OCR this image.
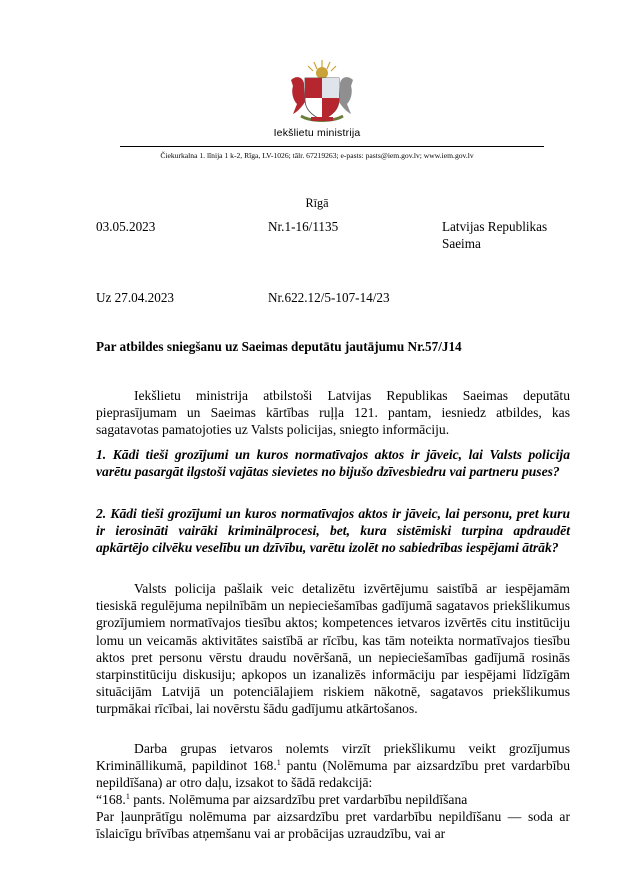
Iekšlietu ministrija
Čiekurkalna 1. līnija 1 k-2, Rīga, LV-1026; tālr. 67219263; e-pasts: pasts@iem.gov.lv; www.iem.gov.lv
Rīgā
03.05.2023	Nr.1-16/1135	Latvijas Republikas
Saeima
Uz 27.04.2023	Nr.622.12/5-107-14/23
Par atbildes sniegšanu uz Saeimas deputātu jautājumu Nr.57/J14
Iekšlietu ministrija atbilstoši Latvijas Republikas Saeimas deputātu pieprasījumam un Saeimas kārtības ruļļa 121. pantam, iesniedz atbildes, kas sagatavotas pamatojoties uz Valsts policijas, sniegto informāciju.
1. Kādi tieši grozījumi un kuros normatīvajos aktos ir jāveic, lai Valsts policija varētu pasargāt ilgstoši vajātas sievietes no bijušo dzīvesbiedru vai partneru puses?
2. Kādi tieši grozījumi un kuros normatīvajos aktos ir jāveic, lai personu, pret kuru ir ierosināti vairāki kriminālprocesi, bet, kura sistēmiski turpina apdraudēt apkārtējo cilvēku veselību un dzīvību, varētu izolēt no sabiedrības iespējami ātrāk?
Valsts policija pašlaik veic detalizētu izvērtējumu saistībā ar iespējamām tiesiskā regulējuma nepilnībām un nepieciešamības gadījumā sagatavos priekšlikumus grozījumiem normatīvajos tiesību aktos; kompetences ietvaros izvērtēs citu institūciju lomu un veicamās aktivitātes saistībā ar rīcību, kas tām noteikta normatīvajos tiesību aktos pret personu vērstu draudu novēršanā, un nepieciešamības gadījumā rosinās starpinstitūciju diskusiju; apkopos un izanalizēs informāciju par iespējami līdzīgām situācijām Latvijā un potenciālajiem riskiem nākotnē, sagatavos priekšlikumus turpmākai rīcībai, lai novērstu šādu gadījumu atkārtošanos.
Darba grupas ietvaros nolemts virzīt priekšlikumu veikt grozījumus Krimināllikumā, papildinot 168.$^1$ pantu (Nolēmuma par aizsardzību pret vardarbību nepildīšana) ar otro daļu, izsakot to šādā redakcijā:
“168.$^1$ pants. Nolēmuma par aizsardzību pret vardarbību nepildīšana
Par ļaunprātīgu nolēmuma par aizsardzību pret vardarbību nepildīšanu — soda ar īslaicīgu brīvības atņemšanu vai ar probācijas uzraudzību, vai ar
